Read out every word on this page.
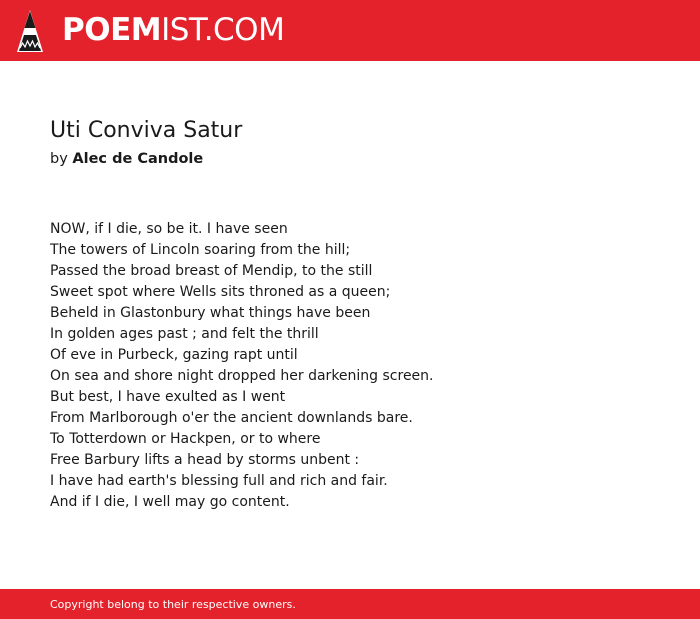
POEMIST.COM
Uti Conviva Satur
by Alec de Candole
NOW, if I die, so be it. I have seen
The towers of Lincoln soaring from the hill;
Passed the broad breast of Mendip, to the still
Sweet spot where Wells sits throned as a queen;
Beheld in Glastonbury what things have been
In golden ages past ; and felt the thrill
Of eve in Purbeck, gazing rapt until
On sea and shore night dropped her darkening screen.
But best, I have exulted as I went
From Marlborough o'er the ancient downlands bare.
To Totterdown or Hackpen, or to where
Free Barbury lifts a head by storms unbent :
I have had earth's blessing full and rich and fair.
And if I die, I well may go content.
Copyright belong to their respective owners.
